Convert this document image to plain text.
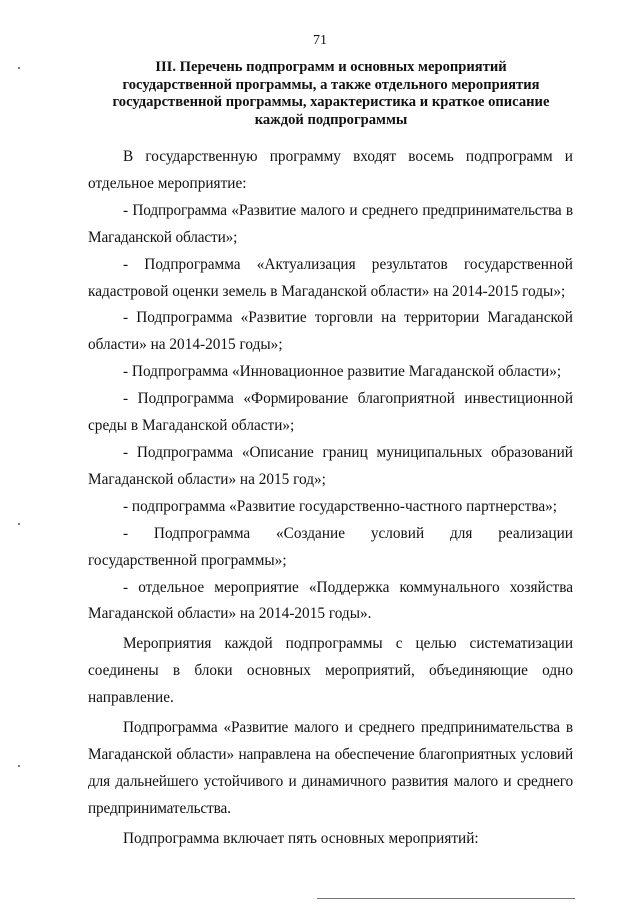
71
III. Перечень подпрограмм и основных мероприятий
государственной программы, а также отдельного мероприятия
государственной программы, характеристика и краткое описание
каждой подпрограммы

В государственную программу входят восемь подпрограмм и отдельное мероприятие:

- Подпрограмма «Развитие малого и среднего предпринимательства в Магаданской области»;

- Подпрограмма «Актуализация результатов государственной кадастровой оценки земель в Магаданской области» на 2014-2015 годы»;

- Подпрограмма «Развитие торговли на территории Магаданской области» на 2014-2015 годы»;

- Подпрограмма «Инновационное развитие Магаданской области»;

- Подпрограмма «Формирование благоприятной инвестиционной среды в Магаданской области»;

- Подпрограмма «Описание границ муниципальных образований Магаданской области» на 2015 год»;

- подпрограмма «Развитие государственно-частного партнерства»;

- Подпрограмма «Создание условий для реализации государственной программы»;

- отдельное мероприятие «Поддержка коммунального хозяйства Магаданской области» на 2014-2015 годы».

Мероприятия каждой подпрограммы с целью систематизации соединены в блоки основных мероприятий, объединяющие одно направление.

Подпрограмма «Развитие малого и среднего предпринимательства в Магаданской области» направлена на обеспечение благоприятных условий для дальнейшего устойчивого и динамичного развития малого и среднего предпринимательства.

Подпрограмма включает пять основных мероприятий:
